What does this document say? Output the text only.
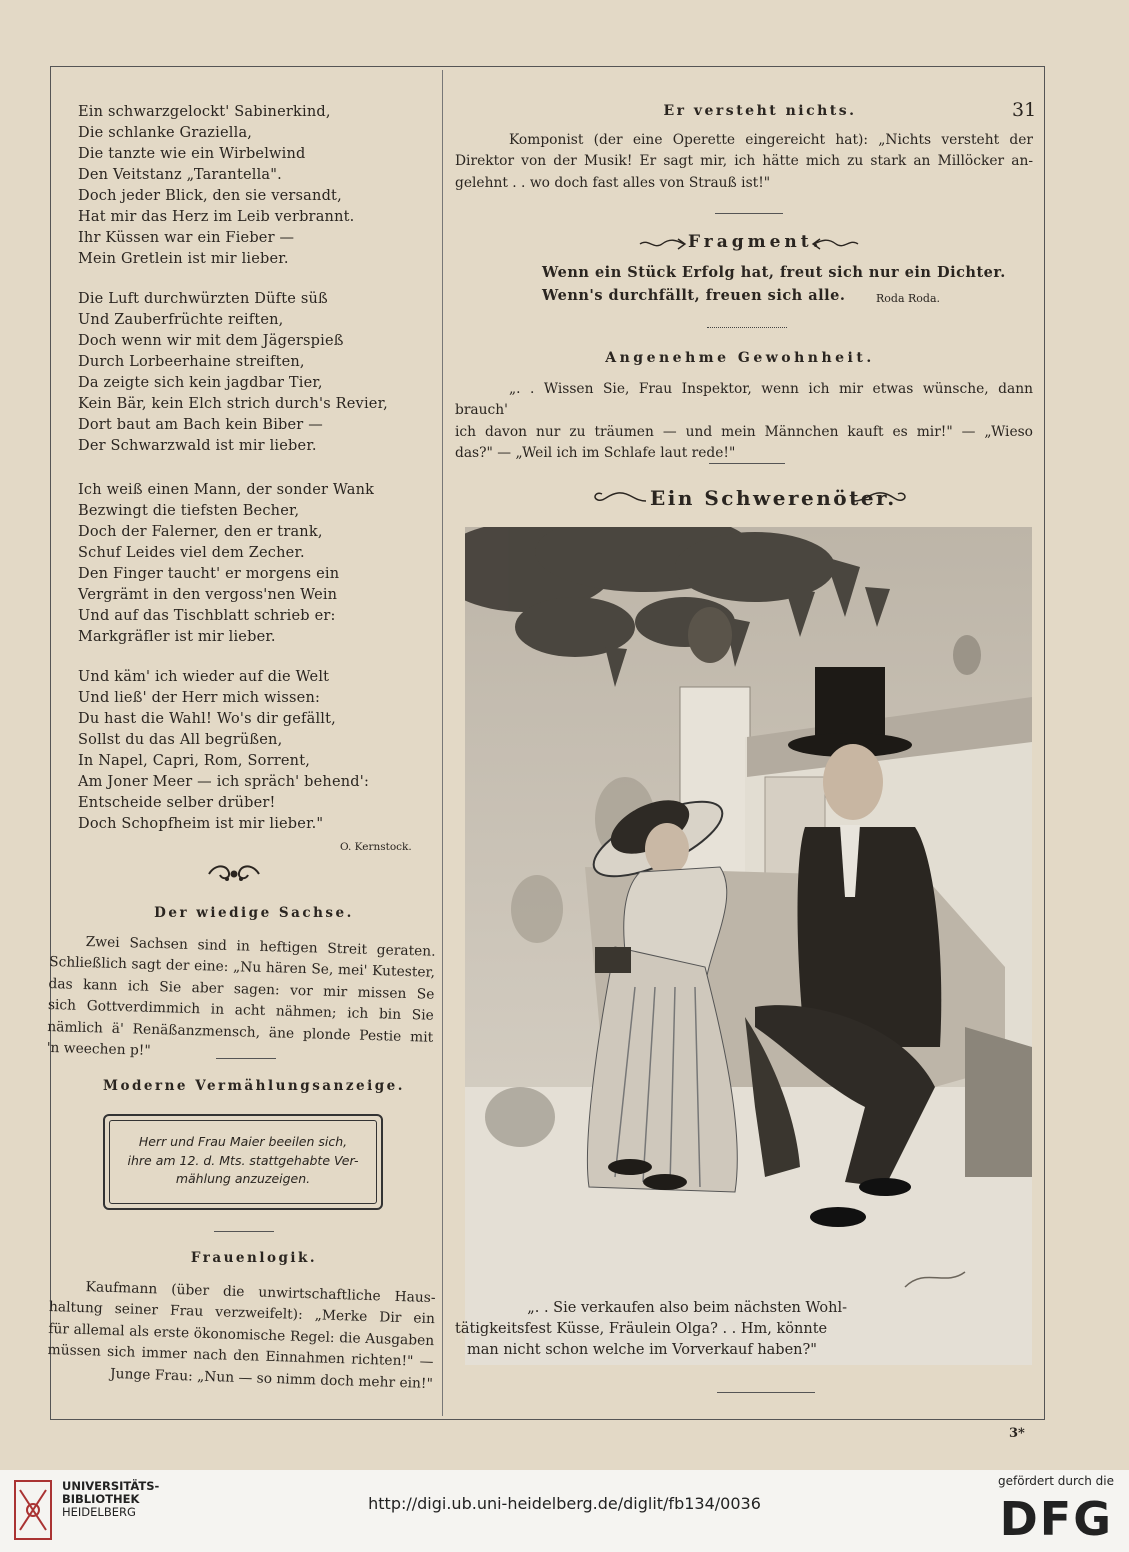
Ein schwarzgelockt' Sabinerkind,
Die schlanke Graziella,
Die tanzte wie ein Wirbelwind
Den Veitstanz „Tarantella".
Doch jeder Blick, den sie versandt,
Hat mir das Herz im Leib verbrannt.
Ihr Küssen war ein Fieber —
Mein Gretlein ist mir lieber.
Die Luft durchwürzten Düfte süß
Und Zauberfrüchte reiften,
Doch wenn wir mit dem Jägerspieß
Durch Lorbeerhaine streiften,
Da zeigte sich kein jagdbar Tier,
Kein Bär, kein Elch strich durch's Revier,
Dort baut am Bach kein Biber —
Der Schwarzwald ist mir lieber.
Ich weiß einen Mann, der sonder Wank
Bezwingt die tiefsten Becher,
Doch der Falerner, den er trank,
Schuf Leides viel dem Zecher.
Den Finger taucht' er morgens ein
Vergrämt in den vergoss'nen Wein
Und auf das Tischblatt schrieb er:
Markgräfler ist mir lieber.
Und käm' ich wieder auf die Welt
Und ließ' der Herr mich wissen:
Du hast die Wahl! Wo's dir gefällt,
Sollst du das All begrüßen,
In Napel, Capri, Rom, Sorrent,
Am Joner Meer — ich spräch' behend':
Entscheide selber drüber!
Doch Schopfheim ist mir lieber."
O. Kernstock.
Der wiedige Sachse.
Zwei Sachsen sind in heftigen Streit geraten.
Schließlich sagt der eine: „Nu hären Se, mei' Kutester,
das kann ich Sie aber sagen: vor mir missen Se
sich Gottverdimmich in acht nähmen; ich bin Sie
nämlich ä' Renäßanzmensch, äne plonde Pestie mit
'n weechen p!"
Moderne Vermählungsanzeige.
Herr und Frau Maier beeilen sich,
ihre am 12. d. Mts. stattgehabte Ver-
mählung anzuzeigen.
Frauenlogik.
Kaufmann (über die unwirtschaftliche Haus-
haltung seiner Frau verzweifelt): „Merke Dir ein
für allemal als erste ökonomische Regel: die Ausgaben
müssen sich immer nach den Einnahmen richten!" —
Junge Frau: „Nun — so nimm doch mehr ein!"
Er versteht nichts.	31
Komponist (der eine Operette eingereicht hat): „Nichts versteht der
Direktor von der Musik! Er sagt mir, ich hätte mich zu stark an Millöcker an-
gelehnt . . wo doch fast alles von Strauß ist!"
Fragment.
Wenn ein Stück Erfolg hat, freut sich nur ein Dichter.
Wenn's durchfällt, freuen sich alle.	Roda Roda.
Angenehme Gewohnheit.
„. . Wissen Sie, Frau Inspektor, wenn ich mir etwas wünsche, dann brauch'
ich davon nur zu träumen — und mein Männchen kauft es mir!" — „Wieso
das?" — „Weil ich im Schlafe laut rede!"
Ein Schwerenöter.
„. . Sie verkaufen also beim nächsten Wohl-
tätigkeitsfest Küsse, Fräulein Olga? . . Hm, könnte
man nicht schon welche im Vorverkauf haben?"
3*
UNIVERSITÄTS-
BIBLIOTHEK
HEIDELBERG	http://digi.ub.uni-heidelberg.de/diglit/fb134/0036
gefördert durch die
DFG
